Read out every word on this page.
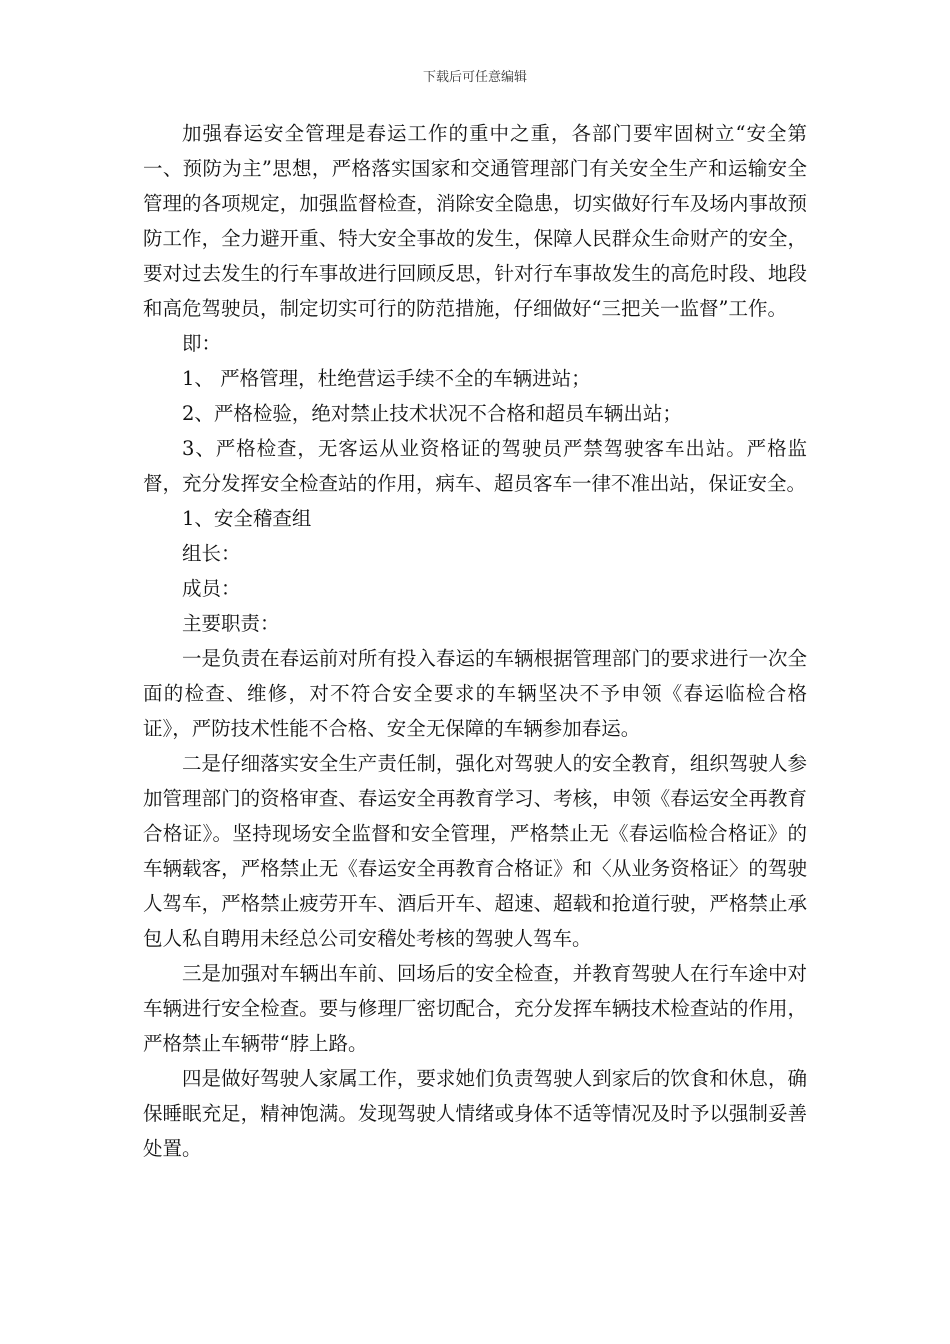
下载后可任意编辑

加强春运安全管理是春运工作的重中之重，各部门要牢固树立“安全第一、预防为主”思想，严格落实国家和交通管理部门有关安全生产和运输安全管理的各项规定，加强监督检查，消除安全隐患，切实做好行车及场内事故预防工作，全力避开重、特大安全事故的发生，保障人民群众生命财产的安全，要对过去发生的行车事故进行回顾反思，针对行车事故发生的高危时段、地段和高危驾驶员，制定切实可行的防范措施，仔细做好“三把关一监督”工作。

即：

1、 严格管理，杜绝营运手续不全的车辆进站；

2、严格检验，绝对禁止技术状况不合格和超员车辆出站；

3、严格检查，无客运从业资格证的驾驶员严禁驾驶客车出站。严格监督，充分发挥安全检查站的作用，病车、超员客车一律不准出站，保证安全。

1、安全稽查组

组长：

成员：

主要职责：

一是负责在春运前对所有投入春运的车辆根据管理部门的要求进行一次全面的检查、维修，对不符合安全要求的车辆坚决不予申领《春运临检合格证》，严防技术性能不合格、安全无保障的车辆参加春运。

二是仔细落实安全生产责任制，强化对驾驶人的安全教育，组织驾驶人参加管理部门的资格审查、春运安全再教育学习、考核，申领《春运安全再教育合格证》。坚持现场安全监督和安全管理，严格禁止无《春运临检合格证》的车辆载客，严格禁止无《春运安全再教育合格证》和〈从业务资格证〉的驾驶人驾车，严格禁止疲劳开车、酒后开车、超速、超载和抢道行驶，严格禁止承包人私自聘用未经总公司安稽处考核的驾驶人驾车。

三是加强对车辆出车前、回场后的安全检查，并教育驾驶人在行车途中对车辆进行安全检查。要与修理厂密切配合，充分发挥车辆技术检查站的作用，严格禁止车辆带“脖上路。

四是做好驾驶人家属工作，要求她们负责驾驶人到家后的饮食和休息，确保睡眠充足，精神饱满。发现驾驶人情绪或身体不适等情况及时予以强制妥善处置。
